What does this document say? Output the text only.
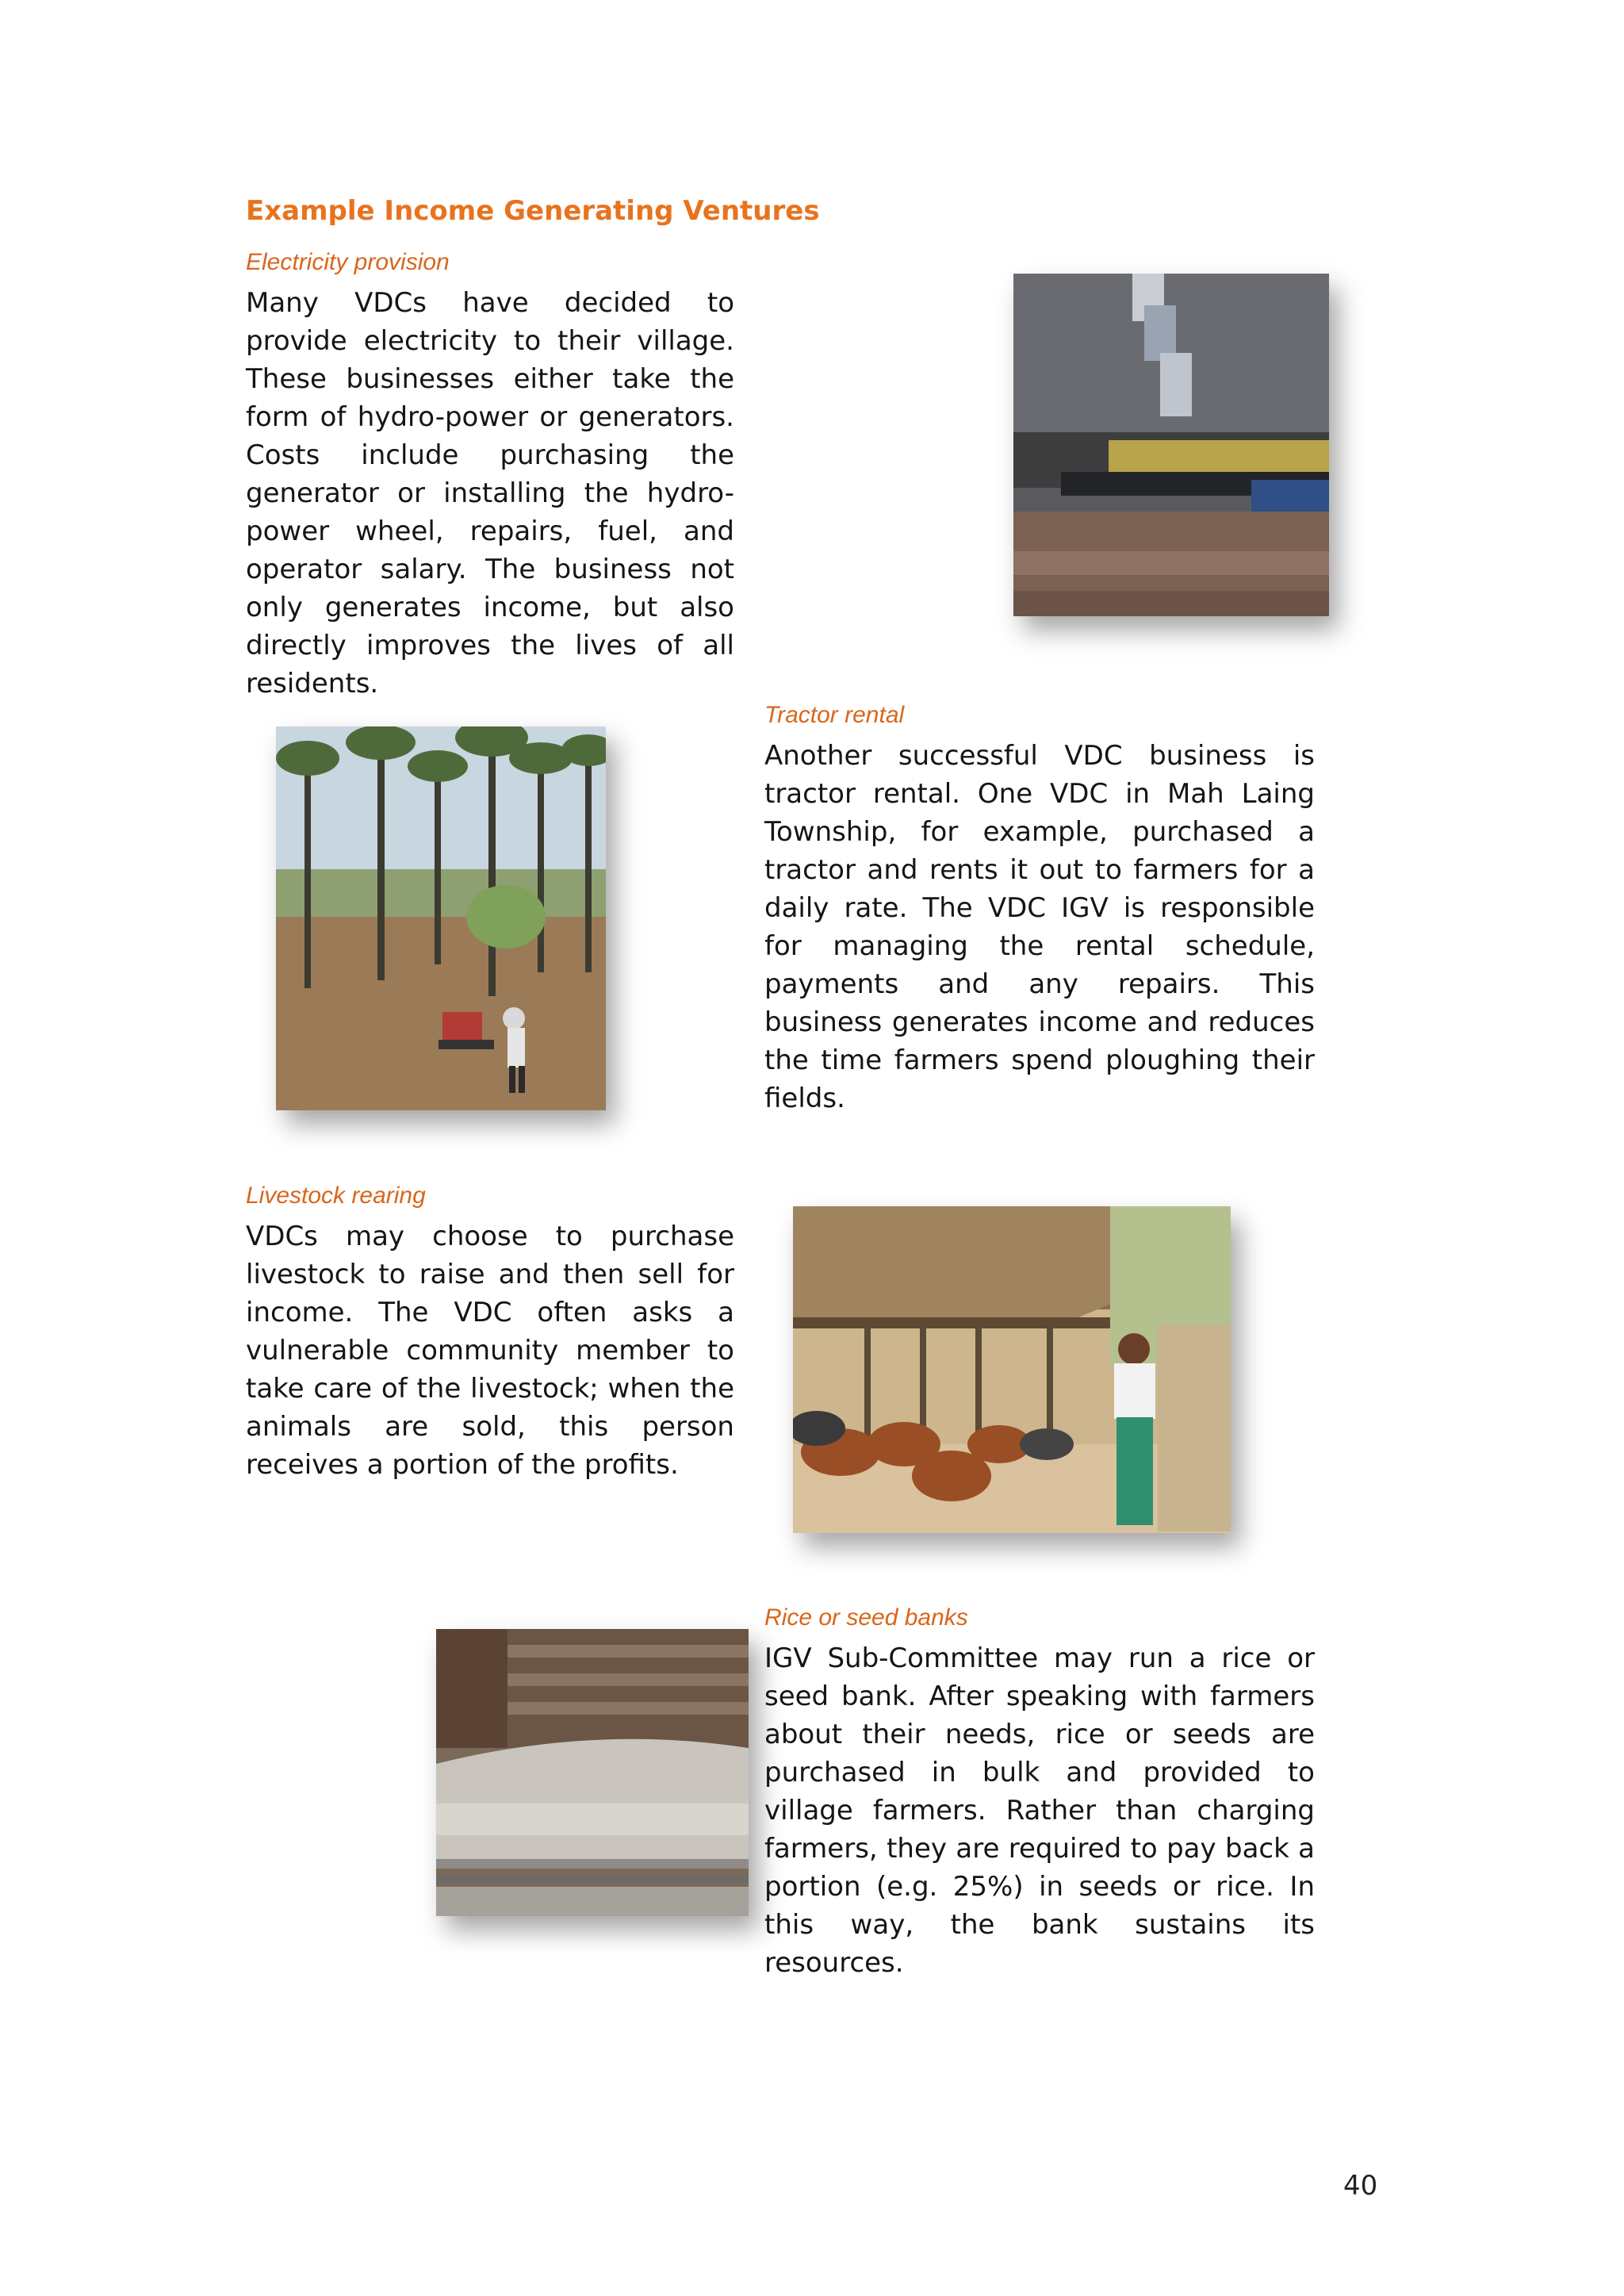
Example Income Generating Ventures

Electricity provision

Many VDCs have decided to provide electricity to their village. These businesses either take the form of hydro-power or generators. Costs include purchasing the generator or installing the hydro-power wheel, repairs, fuel, and operator salary. The business not only generates income, but also directly improves the lives of all residents.

Tractor rental

Another successful VDC business is tractor rental. One VDC in Mah Laing Township, for example, purchased a tractor and rents it out to farmers for a daily rate. The VDC IGV is responsible for managing the rental schedule, payments and any repairs. This business generates income and reduces the time farmers spend ploughing their fields.

Livestock rearing

VDCs may choose to purchase livestock to raise and then sell for income. The VDC often asks a vulnerable community member to take care of the livestock; when the animals are sold, this person receives a portion of the profits.

Rice or seed banks

IGV Sub-Committee may run a rice or seed bank. After speaking with farmers about their needs, rice or seeds are purchased in bulk and provided to village farmers. Rather than charging farmers, they are required to pay back a portion (e.g. 25%) in seeds or rice. In this way, the bank sustains its resources.

40
